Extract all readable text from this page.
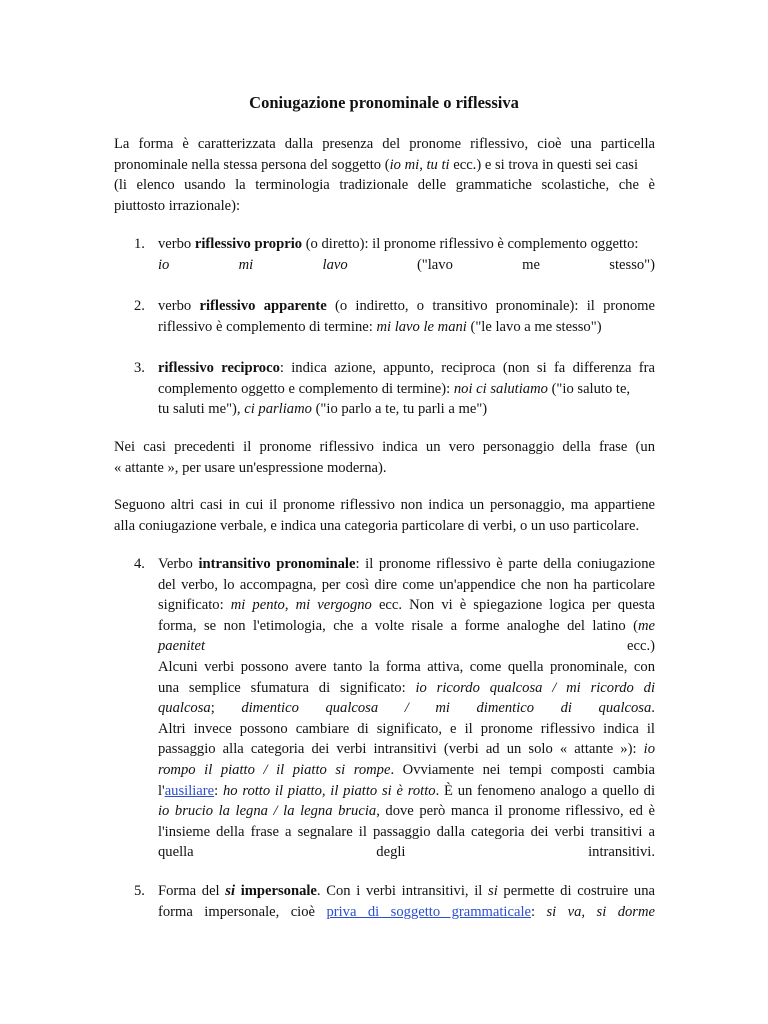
Coniugazione pronominale o riflessiva
La forma è caratterizzata dalla presenza del pronome riflessivo, cioè una particella
pronominale nella stessa persona del soggetto (io mi, tu ti ecc.) e si trova in questi sei casi
(li elenco usando la terminologia tradizionale delle grammatiche scolastiche, che è
piuttosto irrazionale):
1. verbo riflessivo proprio (o diretto): il pronome riflessivo è complemento oggetto:
io	mi	lavo	("lavo	me	stesso")
2. verbo riflessivo apparente (o indiretto, o transitivo pronominale): il pronome
riflessivo è complemento di termine: mi lavo le mani ("le lavo a me stesso")
3. riflessivo reciproco: indica azione, appunto, reciproca (non si fa differenza fra
complemento oggetto e complemento di termine): noi ci salutiamo ("io saluto te,
tu saluti me"), ci parliamo ("io parlo a te, tu parli a me")
Nei casi precedenti il pronome riflessivo indica un vero personaggio della frase (un
« attante », per usare un'espressione moderna).
Seguono altri casi in cui il pronome riflessivo non indica un personaggio, ma appartiene
alla coniugazione verbale, e indica una categoria particolare di verbi, o un uso particolare.
4. Verbo intransitivo pronominale: il pronome riflessivo è parte della coniugazione
del verbo, lo accompagna, per così dire come un'appendice che non ha particolare
significato: mi pento, mi vergogno ecc. Non vi è spiegazione logica per questa
forma, se non l'etimologia, che a volte risale a forme analoghe del latino (me
paenitet	ecc.)
Alcuni verbi possono avere tanto la forma attiva, come quella pronominale, con
una semplice sfumatura di significato: io ricordo qualcosa / mi ricordo di
qualcosa; dimentico qualcosa / mi dimentico di qualcosa.
Altri invece possono cambiare di significato, e il pronome riflessivo indica il
passaggio alla categoria dei verbi intransitivi (verbi ad un solo « attante »): io
rompo il piatto / il piatto si rompe. Ovviamente nei tempi composti cambia
l'ausiliare: ho rotto il piatto, il piatto si è rotto. È un fenomeno analogo a quello di
io brucio la legna / la legna brucia, dove però manca il pronome riflessivo, ed è
l'insieme della frase a segnalare il passaggio dalla categoria dei verbi transitivi a
quella	degli	intransitivi.
5. Forma del si impersonale. Con i verbi intransitivi, il si permette di costruire una
forma impersonale, cioè priva di soggetto grammaticale: si va, si dorme
